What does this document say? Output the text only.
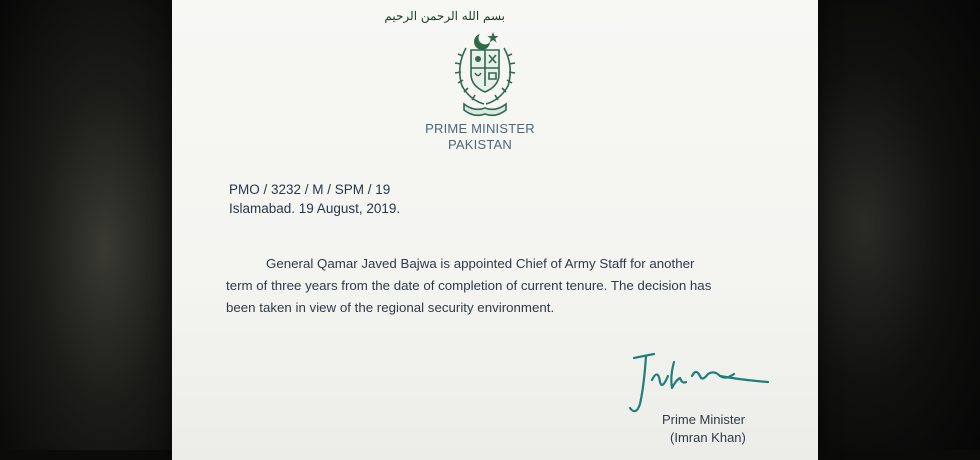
بسم الله الرحمن الرحيم
PRIME MINISTER
PAKISTAN
PMO / 3232 / M / SPM / 19
Islamabad. 19 August, 2019.
General Qamar Javed Bajwa is appointed Chief of Army Staff for another
term of three years from the date of completion of current tenure. The decision has
been taken in view of the regional security environment.
Prime Minister
(Imran Khan)
